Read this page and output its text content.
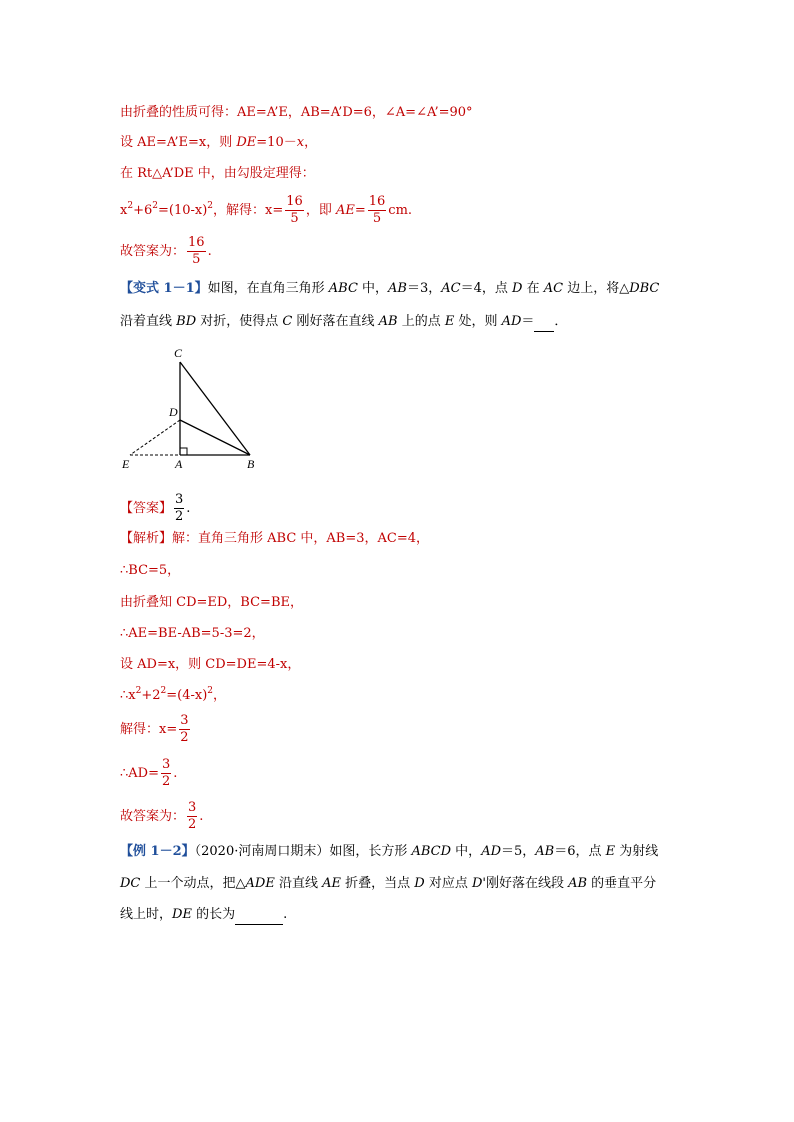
由折叠的性质可得：AE=A’E，AB=A’D=6，∠A=∠A’=90°
设 AE=A’E=x，则 DE=10－x，
在 Rt△A’DE 中，由勾股定理得：
$x^2+6^2=(10-x)^2$，解得：$x= \frac{16}{5}$ ，即 $AE= \frac{16}{5}$ cm.
故答案为： $\frac{16}{5}$ .
【变式 1－1】如图，在直角三角形 ABC 中，AB＝3，AC＝4，点 D 在 AC 边上，将△DBC
沿着直线 BD 对折，使得点 C 刚好落在直线 AB 上的点 E 处，则 AD＝ ．
C
D
E	A	B
【答案】 $\frac{3}{2}$ .
【解析】解：直角三角形 ABC 中，AB=3，AC=4，
∴BC=5，
由折叠知 CD=ED，BC=BE，
∴AE=BE-AB=5-3=2，
设 AD=x，则 CD=DE=4-x，
$\therefore x^2+2^2=(4-x)^2$，
解得：$x= \frac{3}{2}$
∴AD= $\frac{3}{2}$ .
故答案为： $\frac{3}{2}$ .
【例 1－2】（2020·河南周口期末）如图，长方形 ABCD 中，AD＝5，AB＝6，点 E 为射线
DC 上一个动点，把△ADE 沿直线 AE 折叠，当点 D 对应点 D'刚好落在线段 AB 的垂直平分
线上时，DE 的长为	.
